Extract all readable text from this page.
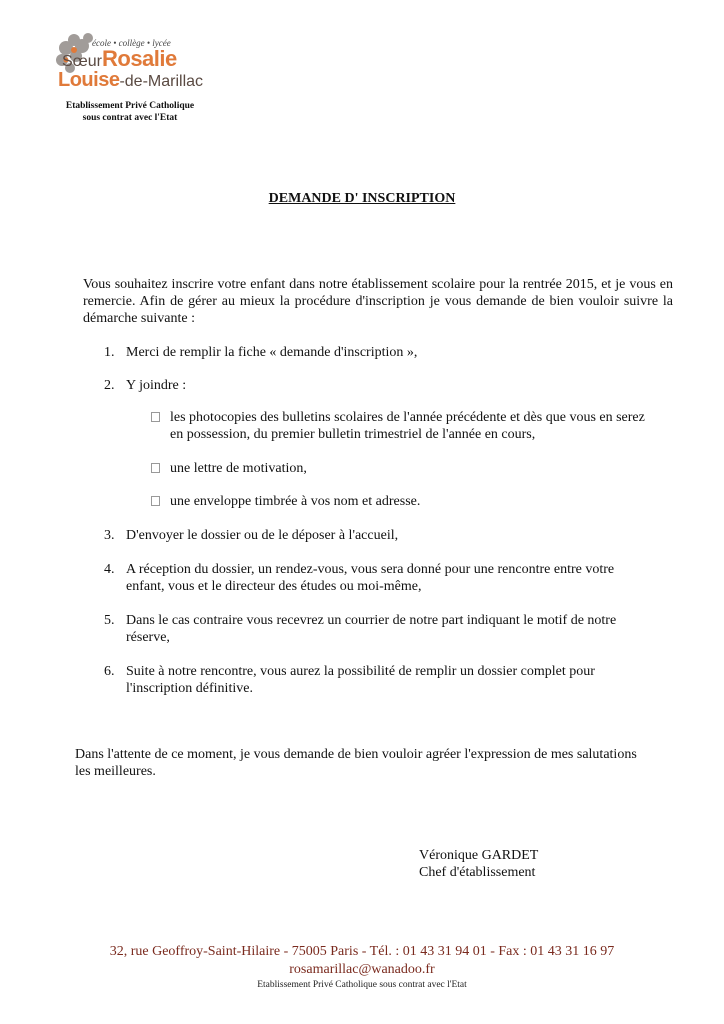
école • collège • lycée
SœurRosalie
Louise-de-Marillac
Etablissement Privé Catholique
sous contrat avec l'Etat
DEMANDE D' INSCRIPTION
Vous souhaitez inscrire votre enfant dans notre établissement scolaire pour la rentrée 2015, et je vous en remercie. Afin de gérer au mieux la procédure d'inscription je vous demande de bien vouloir suivre la démarche suivante :
1. Merci de remplir la fiche « demande d'inscription »,
2. Y joindre :
les photocopies des bulletins scolaires de l'année précédente et dès que vous en serez
en possession, du premier bulletin trimestriel de l'année en cours,
une lettre de motivation,
une enveloppe timbrée à vos nom et adresse.
3. D'envoyer le dossier ou de le déposer à l'accueil,
4. A réception du dossier, un rendez-vous, vous sera donné pour une rencontre entre votre
enfant, vous et le directeur des études ou moi-même,
5. Dans le cas contraire vous recevrez un courrier de notre part indiquant le motif de notre
réserve,
6. Suite à notre rencontre, vous aurez la possibilité de remplir un dossier complet pour
l'inscription définitive.
Dans l'attente de ce moment, je vous demande de bien vouloir agréer l'expression de mes salutations
les meilleures.
Véronique GARDET
Chef d'établissement
32, rue Geoffroy-Saint-Hilaire - 75005 Paris - Tél. : 01 43 31 94 01 - Fax : 01 43 31 16 97
rosamarillac@wanadoo.fr
Etablissement Privé Catholique sous contrat avec l'Etat
